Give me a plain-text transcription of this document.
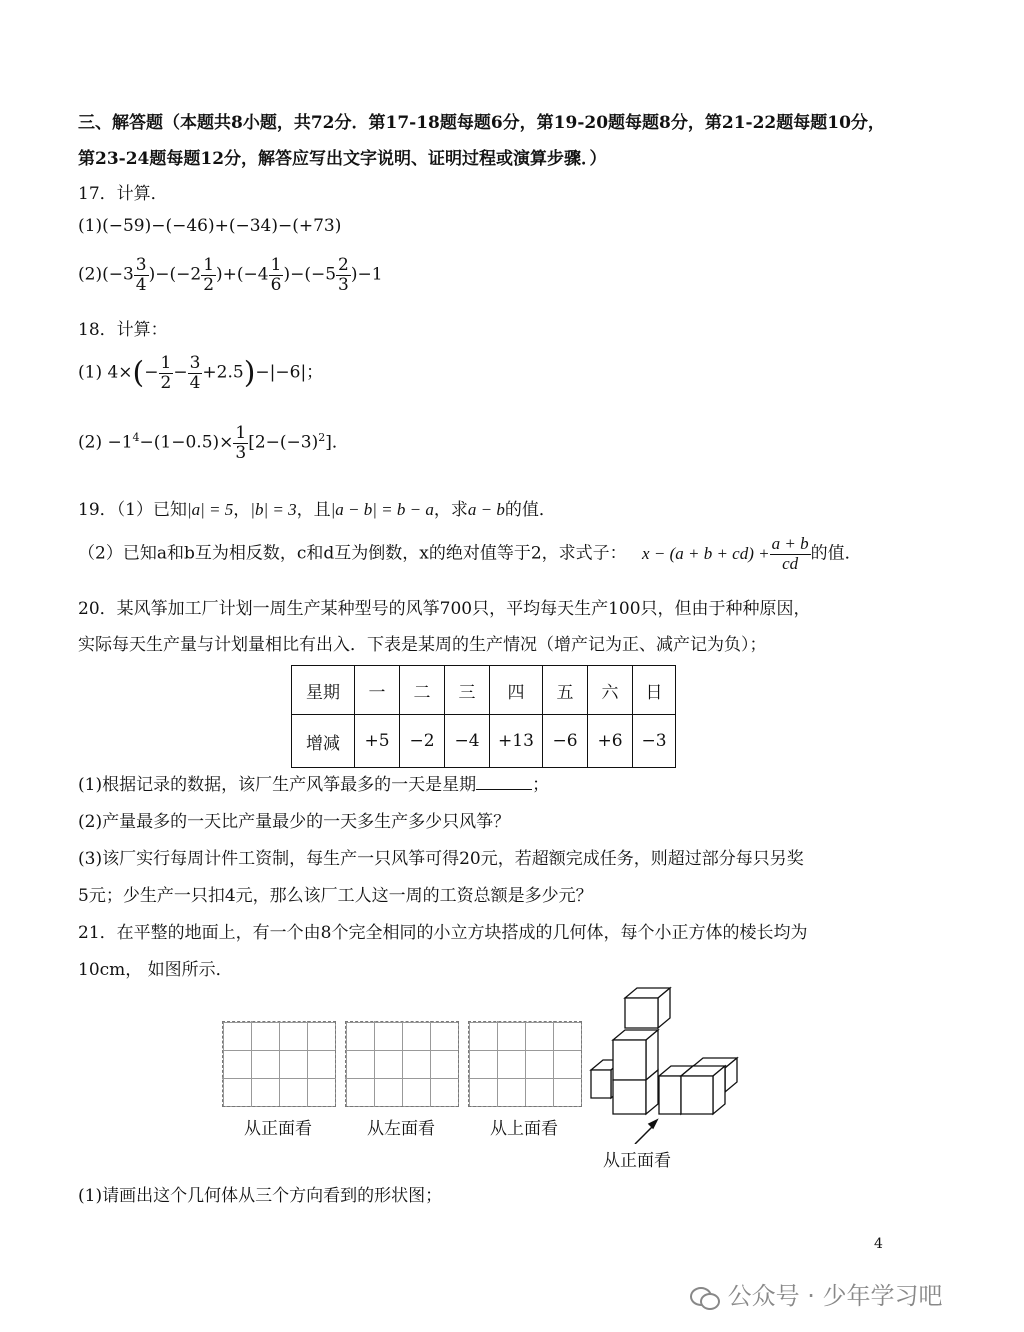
三、解答题（本题共8小题，共72分．第17-18题每题6分，第19-20题每题8分，第21-22题每题10分，
第23-24题每题12分，解答应写出文字说明、证明过程或演算步骤．）
17．计算．
(1)(−59)−(−46)+(−34)−(+73)
$(2)(-3 \frac{3}{4} )-(-2 \frac{1}{2} )+(-4 \frac{1}{6} )-(-5 \frac{2}{3} )-1$
18．计算：
(1) $4\times(- \frac{1}{2} - \frac{3}{4} +2.5)-|-6|$；
$(2) -1^4-(1-0.5)\times \frac{1}{3} [2-(-3)^2]$．
19．（1）已知|a| = 5，|b| = 3，且|a − b| = b − a，求a − b的值．
（2）已知a和b互为相反数，c和d互为倒数，x的绝对值等于2，求式子： $x - (a + b + cd) + \frac{a + b}{cd}$ 的值．
20．某风筝加工厂计划一周生产某种型号的风筝700只，平均每天生产100只，但由于种种原因，
实际每天生产量与计划量相比有出入．下表是某周的生产情况（增产记为正、减产记为负）；
星期	一	二	三	四	五	六	日
增减	+5	−2	−4	+13	−6	+6	−3
(1)根据记录的数据，该厂生产风筝最多的一天是星期	；
(2)产量最多的一天比产量最少的一天多生产多少只风筝？
(3)该厂实行每周计件工资制，每生产一只风筝可得20元，若超额完成任务，则超过部分每只另奖
5元；少生产一只扣4元，那么该厂工人这一周的工资总额是多少元？
21．在平整的地面上，有一个由8个完全相同的小立方块搭成的几何体，每个小正方体的棱长均为
10cm， 如图所示．
从正面看	从左面看	从上面看
从正面看
(1)请画出这个几何体从三个方向看到的形状图；
4
公众号 · 少年学习吧
